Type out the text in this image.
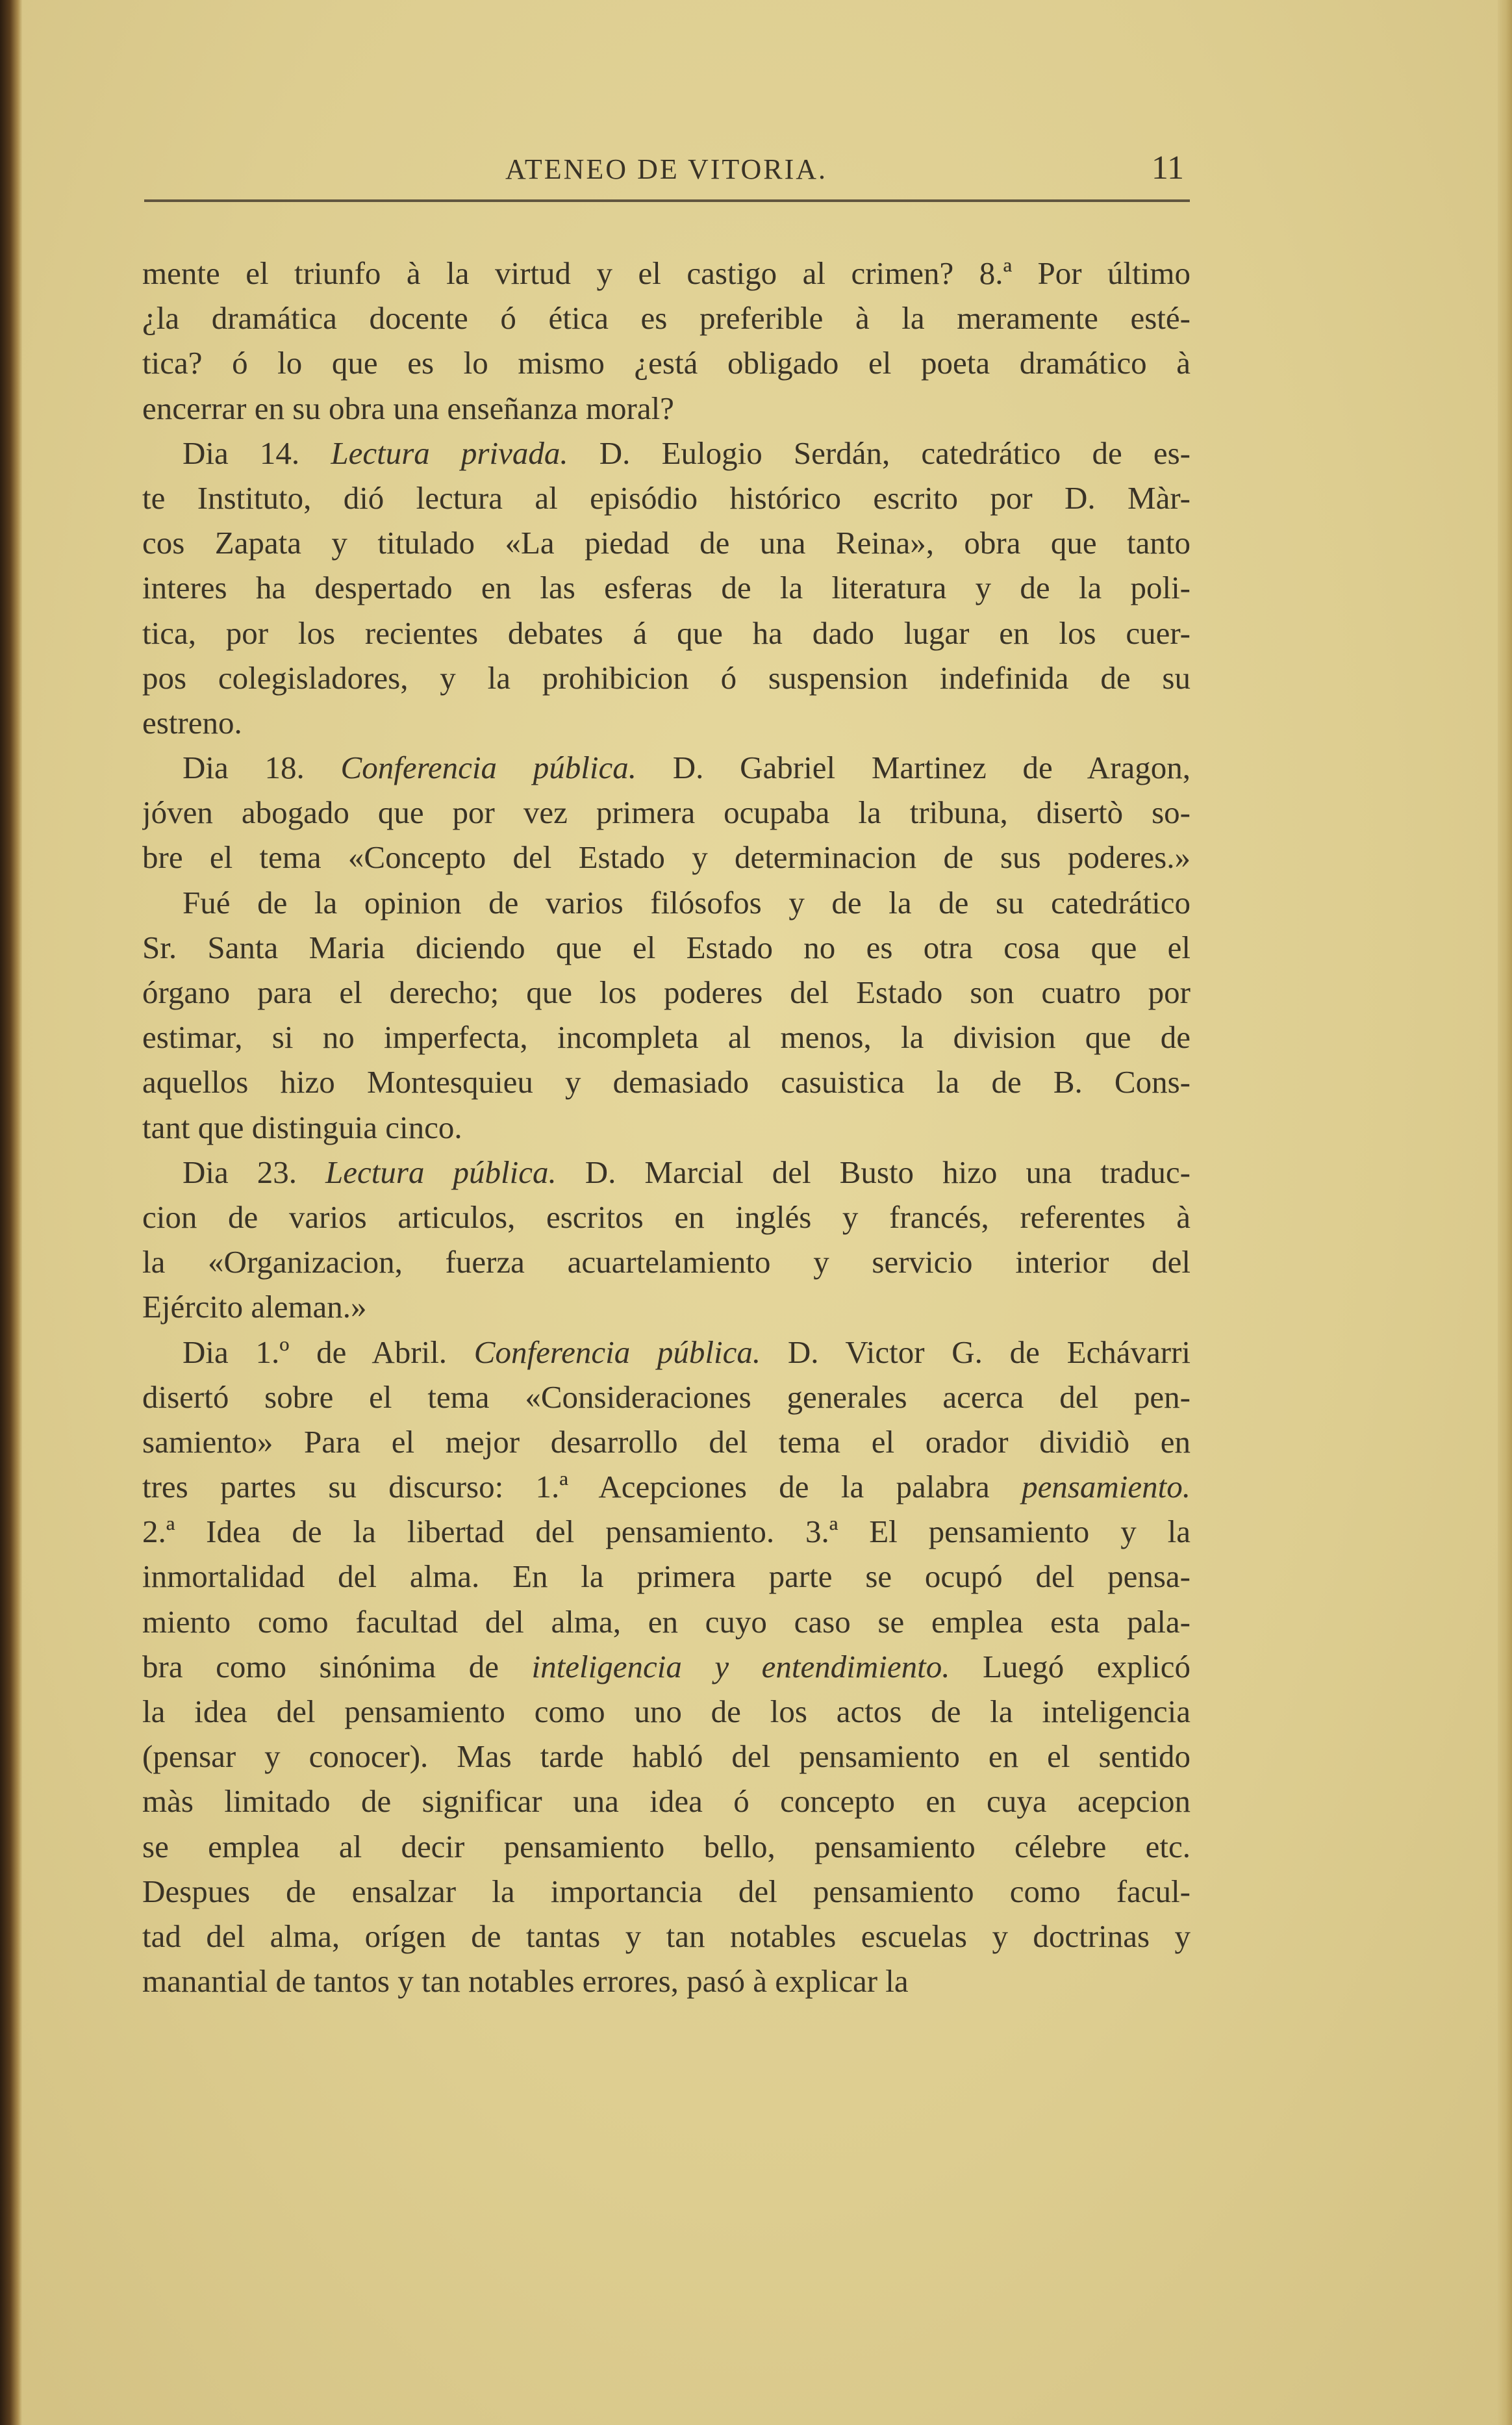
ATENEO DE VITORIA.	11
mente el triunfo à la virtud y el castigo al crimen? 8.ª Por último
¿la dramática docente ó ética es preferible à la meramente esté-
tica? ó lo que es lo mismo ¿está obligado el poeta dramático à
encerrar en su obra una enseñanza moral?
Dia 14. Lectura privada. D. Eulogio Serdán, catedrático de es-
te Instituto, dió lectura al episódio histórico escrito por D. Màr-
cos Zapata y titulado «La piedad de una Reina», obra que tanto
interes ha despertado en las esferas de la literatura y de la poli-
tica, por los recientes debates á que ha dado lugar en los cuer-
pos colegisladores, y la prohibicion ó suspension indefinida de su
estreno.
Dia 18. Conferencia pública. D. Gabriel Martinez de Aragon,
jóven abogado que por vez primera ocupaba la tribuna, disertò so-
bre el tema «Concepto del Estado y determinacion de sus poderes.»
Fué de la opinion de varios filósofos y de la de su catedrático
Sr. Santa Maria diciendo que el Estado no es otra cosa que el
órgano para el derecho; que los poderes del Estado son cuatro por
estimar, si no imperfecta, incompleta al menos, la division que de
aquellos hizo Montesquieu y demasiado casuistica la de B. Cons-
tant que distinguia cinco.
Dia 23. Lectura pública. D. Marcial del Busto hizo una traduc-
cion de varios articulos, escritos en inglés y francés, referentes à
la «Organizacion, fuerza acuartelamiento y servicio interior del
Ejército aleman.»
Dia 1.º de Abril. Conferencia pública. D. Victor G. de Echávarri
disertó sobre el tema «Consideraciones generales acerca del pen-
samiento» Para el mejor desarrollo del tema el orador dividiò en
tres partes su discurso: 1.ª Acepciones de la palabra pensamiento.
2.ª Idea de la libertad del pensamiento. 3.ª El pensamiento y la
inmortalidad del alma. En la primera parte se ocupó del pensa-
miento como facultad del alma, en cuyo caso se emplea esta pala-
bra como sinónima de inteligencia y entendimiento. Luegó explicó
la idea del pensamiento como uno de los actos de la inteligencia
(pensar y conocer). Mas tarde habló del pensamiento en el sentido
màs limitado de significar una idea ó concepto en cuya acepcion
se emplea al decir pensamiento bello, pensamiento célebre etc.
Despues de ensalzar la importancia del pensamiento como facul-
tad del alma, orígen de tantas y tan notables escuelas y doctrinas y
manantial de tantos y tan notables errores, pasó à explicar la
